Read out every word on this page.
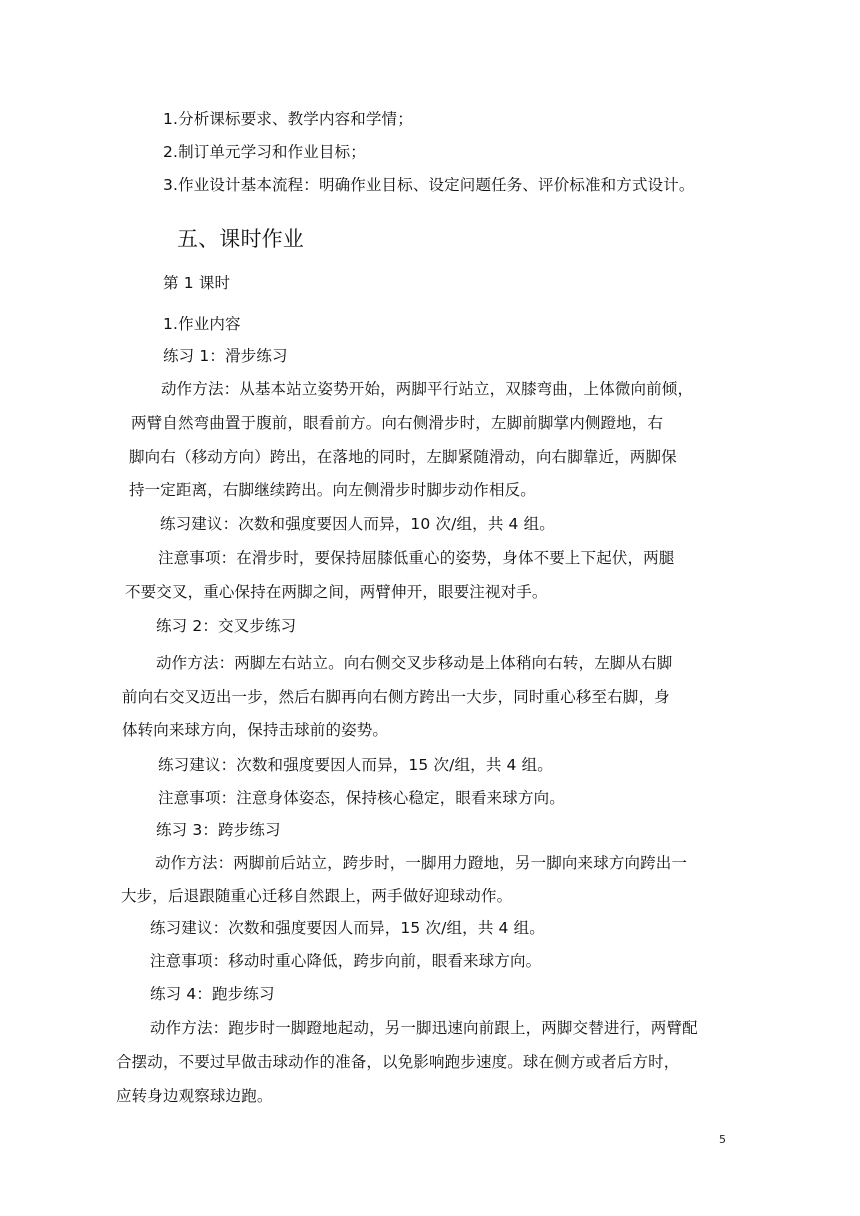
1.分析课标要求、教学内容和学情；
2.制订单元学习和作业目标；
3.作业设计基本流程：明确作业目标、设定问题任务、评价标准和方式设计。
五、课时作业
第 1 课时
1.作业内容
练习 1：滑步练习
动作方法：从基本站立姿势开始，两脚平行站立，双膝弯曲，上体微向前倾，
两臂自然弯曲置于腹前，眼看前方。向右侧滑步时，左脚前脚掌内侧蹬地，右
脚向右（移动方向）跨出，在落地的同时，左脚紧随滑动，向右脚靠近，两脚保
持一定距离，右脚继续跨出。向左侧滑步时脚步动作相反。
练习建议：次数和强度要因人而异，10 次/组，共 4 组。
注意事项：在滑步时，要保持屈膝低重心的姿势，身体不要上下起伏，两腿
不要交叉，重心保持在两脚之间，两臂伸开，眼要注视对手。
练习 2：交叉步练习
动作方法：两脚左右站立。向右侧交叉步移动是上体稍向右转，左脚从右脚
前向右交叉迈出一步，然后右脚再向右侧方跨出一大步，同时重心移至右脚，身
体转向来球方向，保持击球前的姿势。
练习建议：次数和强度要因人而异，15 次/组，共 4 组。
注意事项：注意身体姿态，保持核心稳定，眼看来球方向。
练习 3：跨步练习
动作方法：两脚前后站立，跨步时，一脚用力蹬地，另一脚向来球方向跨出一
大步，后退跟随重心迁移自然跟上，两手做好迎球动作。
练习建议：次数和强度要因人而异，15 次/组，共 4 组。
注意事项：移动时重心降低，跨步向前，眼看来球方向。
练习 4：跑步练习
动作方法：跑步时一脚蹬地起动，另一脚迅速向前跟上，两脚交替进行，两臂配
合摆动，不要过早做击球动作的准备，以免影响跑步速度。球在侧方或者后方时，
应转身边观察球边跑。
5
